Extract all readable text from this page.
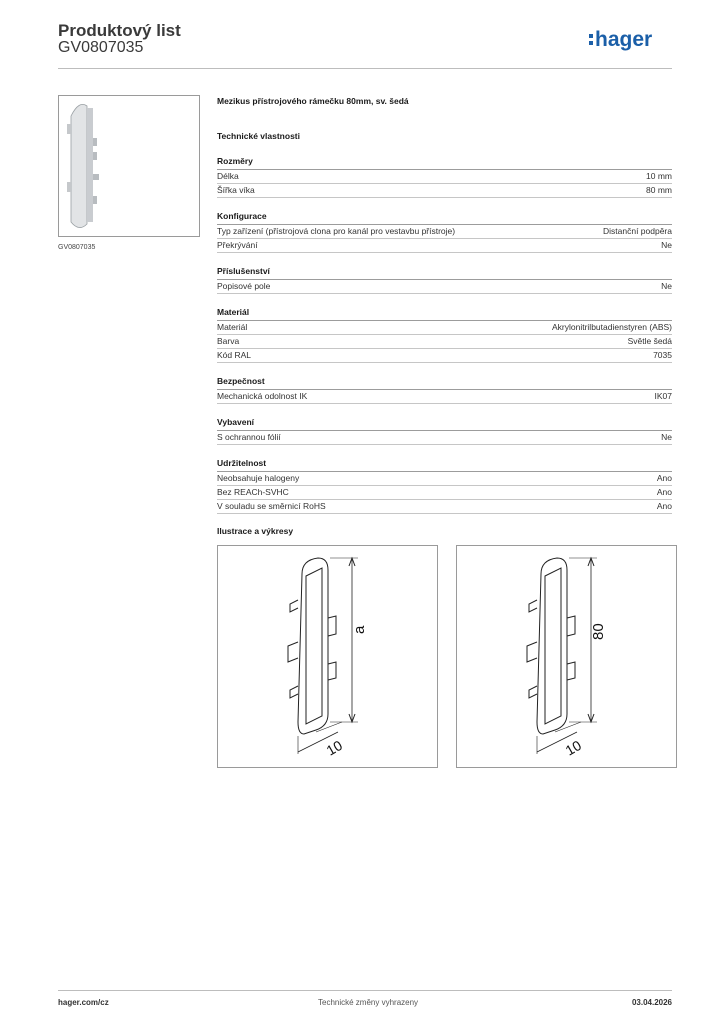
Produktový list
GV0807035	hager
GV0807035
Mezikus přístrojového rámečku 80mm, sv. šedá
Technické vlastnosti
Rozměry
Délka	10 mm
Šířka víka	80 mm
Konfigurace
Typ zařízení (přístrojová clona pro kanál pro vestavbu přístroje)	Distanční podpěra
Překrývání	Ne
Příslušenství
Popisové pole	Ne
Materiál
Materiál	Akrylonitrilbutadienstyren (ABS)
Barva	Světle šedá
Kód RAL	7035
Bezpečnost
Mechanická odolnost IK	IK07
Vybavení
S ochrannou fólií	Ne
Udržitelnost
Neobsahuje halogeny	Ano
Bez REACh-SVHC	Ano
V souladu se směrnicí RoHS	Ano
Ilustrace a výkresy
a
10
80
10
hager.com/cz	Technické změny vyhrazeny	03.04.2026
